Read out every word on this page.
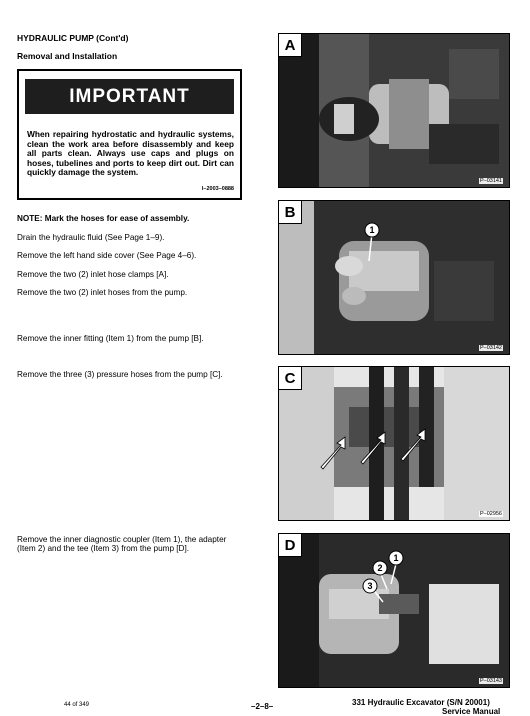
HYDRAULIC PUMP (Cont'd)
Removal and Installation
IMPORTANT
When repairing hydrostatic and hydraulic systems, clean the work area before disassembly and keep all parts clean. Always use caps and plugs on hoses, tubelines and ports to keep dirt out. Dirt can quickly damage the system.
I–2003–0888
NOTE: Mark the hoses for ease of assembly.
Drain the hydraulic fluid (See Page 1–9).
Remove the left hand side cover (See Page 4–6).
Remove the two (2) inlet hose clamps [A].
Remove the two (2) inlet hoses from the pump.
Remove the inner fitting (Item 1) from the pump [B].
Remove the three (3) pressure hoses from the pump [C].
Remove the inner diagnostic coupler (Item 1), the adapter
(Item 2) and the tee (Item 3) from the pump [D].
A
P–03141
1
B
P–03142
C
P–02956
2
1
3
D
P–03143
44 of 349	–2–8–	331 Hydraulic Excavator (S/N 20001)
Service Manual
